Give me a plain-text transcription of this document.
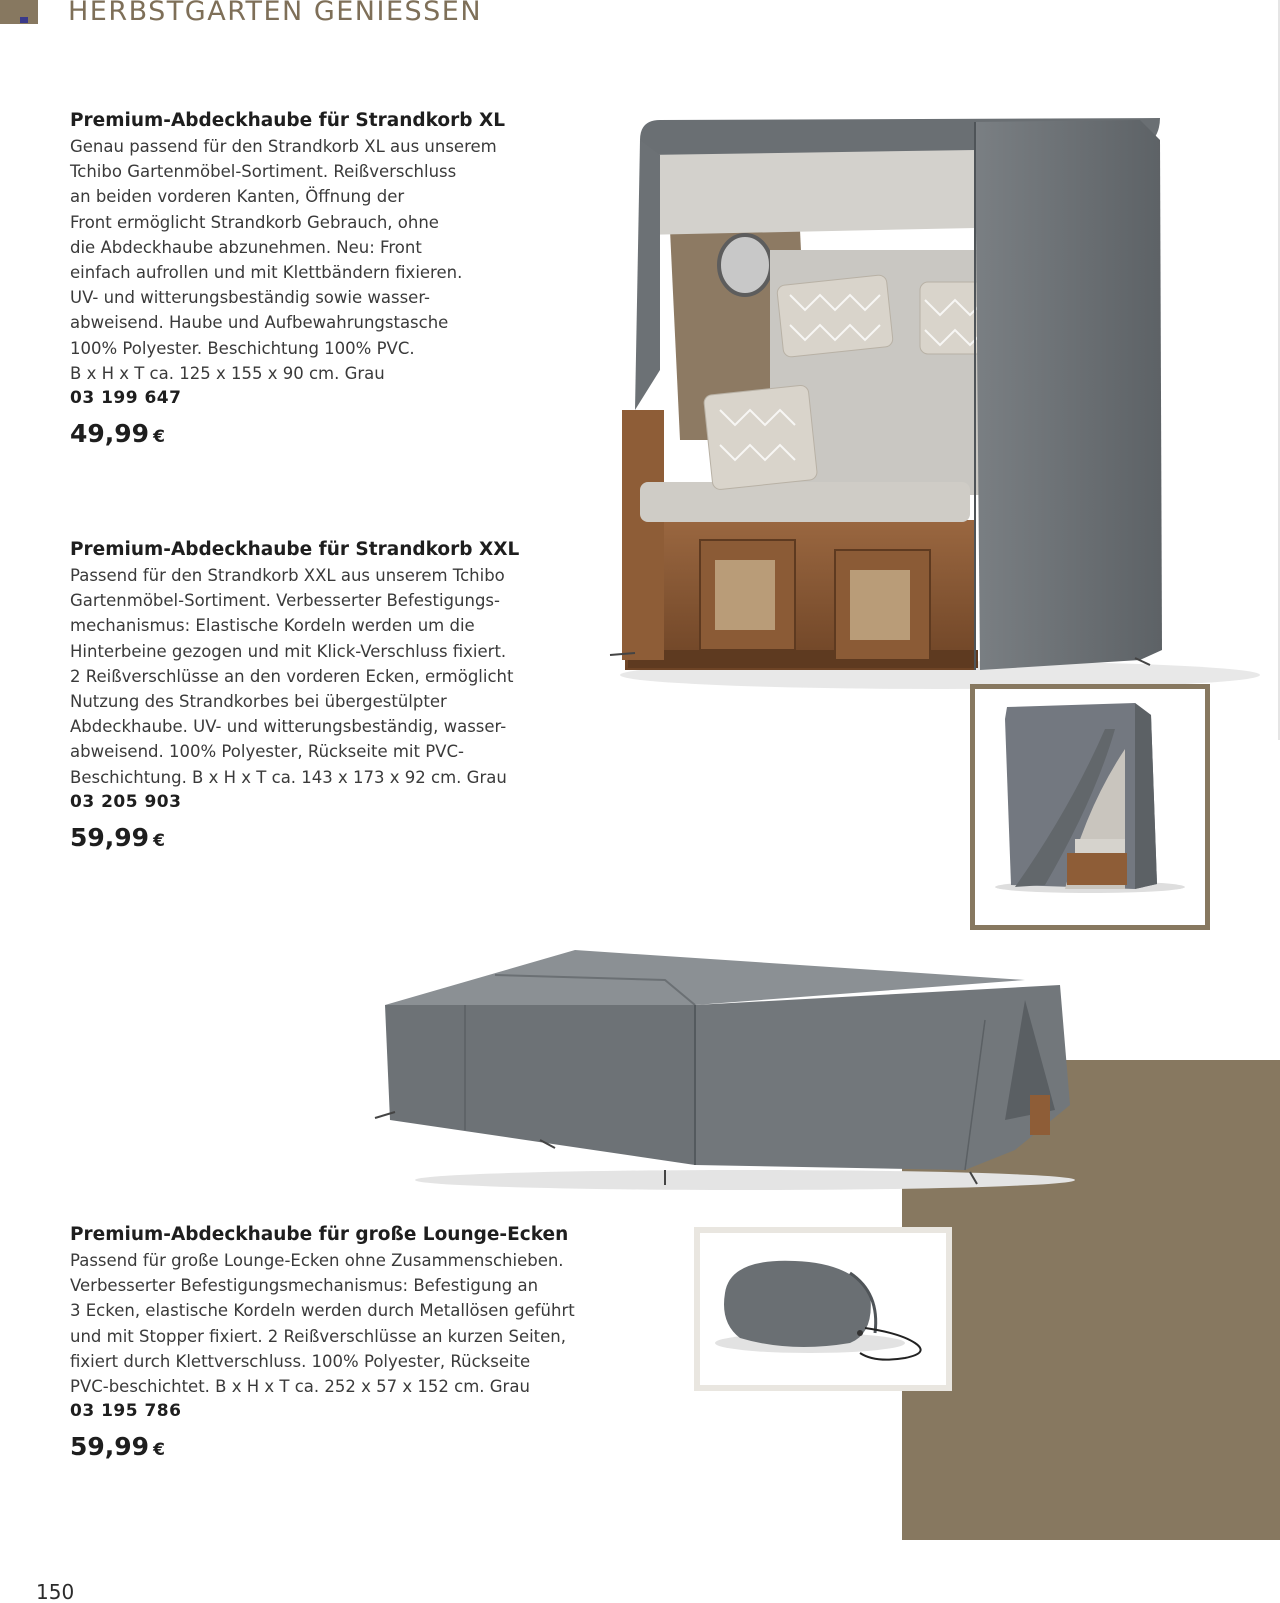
HERBSTGARTEN GENIESSEN
Premium-Abdeckhaube für Strandkorb XL
Genau passend für den Strandkorb XL aus unserem
Tchibo Gartenmöbel-Sortiment. Reißverschluss
an beiden vorderen Kanten, Öffnung der
Front ermöglicht Strandkorb Gebrauch, ohne
die Abdeckhaube abzunehmen. Neu: Front
einfach aufrollen und mit Klettbändern fixieren.
UV- und witterungsbeständig sowie wasser-
abweisend. Haube und Aufbewahrungstasche
100% Polyester. Beschichtung 100% PVC.
B x H x T ca. 125 x 155 x 90 cm. Grau
03 199 647
49,99 €
Premium-Abdeckhaube für Strandkorb XXL
Passend für den Strandkorb XXL aus unserem Tchibo
Gartenmöbel-Sortiment. Verbesserter Befestigungs-
mechanismus: Elastische Kordeln werden um die
Hinterbeine gezogen und mit Klick-Verschluss fixiert.
2 Reißverschlüsse an den vorderen Ecken, ermöglicht
Nutzung des Strandkorbes bei übergestülpter
Abdeckhaube. UV- und witterungsbeständig, wasser-
abweisend. 100% Polyester, Rückseite mit PVC-
Beschichtung. B x H x T ca. 143 x 173 x 92 cm. Grau
03 205 903
59,99 €
Premium-Abdeckhaube für große Lounge-Ecken
Passend für große Lounge-Ecken ohne Zusammenschieben.
Verbesserter Befestigungsmechanismus: Befestigung an
3 Ecken, elastische Kordeln werden durch Metallösen geführt
und mit Stopper fixiert. 2 Reißverschlüsse an kurzen Seiten,
fixiert durch Klettverschluss. 100% Polyester, Rückseite
PVC-beschichtet. B x H x T ca. 252 x 57 x 152 cm. Grau
03 195 786
59,99 €
150
